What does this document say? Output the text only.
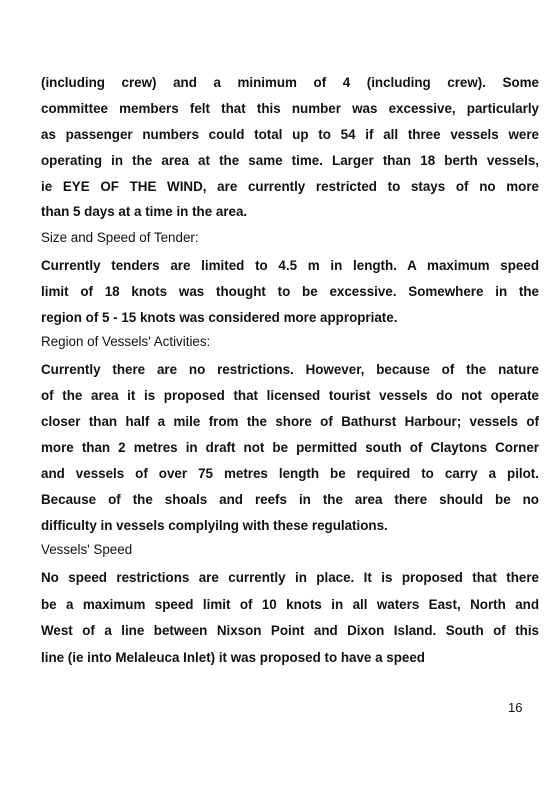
(including crew) and a minimum of 4 (including crew). Some
committee members felt that this number was excessive, particularly
as passenger numbers could total up to 54 if all three vessels were
operating in the area at the same time. Larger than 18 berth vessels,
ie EYE OF THE WIND, are currently restricted to stays of no more
than 5 days at a time in the area.
Size and Speed of Tender:
Currently tenders are limited to 4.5 m in length. A maximum speed
limit of 18 knots was thought to be excessive. Somewhere in the
region of 5 - 15 knots was considered more appropriate.
Region of Vessels' Activities:
Currently there are no restrictions. However, because of the nature
of the area it is proposed that licensed tourist vessels do not operate
closer than half a mile from the shore of Bathurst Harbour; vessels of
more than 2 metres in draft not be permitted south of Claytons Corner
and vessels of over 75 metres length be required to carry a pilot.
Because of the shoals and reefs in the area there should be no
difficulty in vessels complyilng with these regulations.
Vessels' Speed
No speed restrictions are currently in place. It is proposed that there
be a maximum speed limit of 10 knots in all waters East, North and
West of a line between Nixson Point and Dixon Island. South of this
line (ie into Melaleuca Inlet) it was proposed to have a speed
16
